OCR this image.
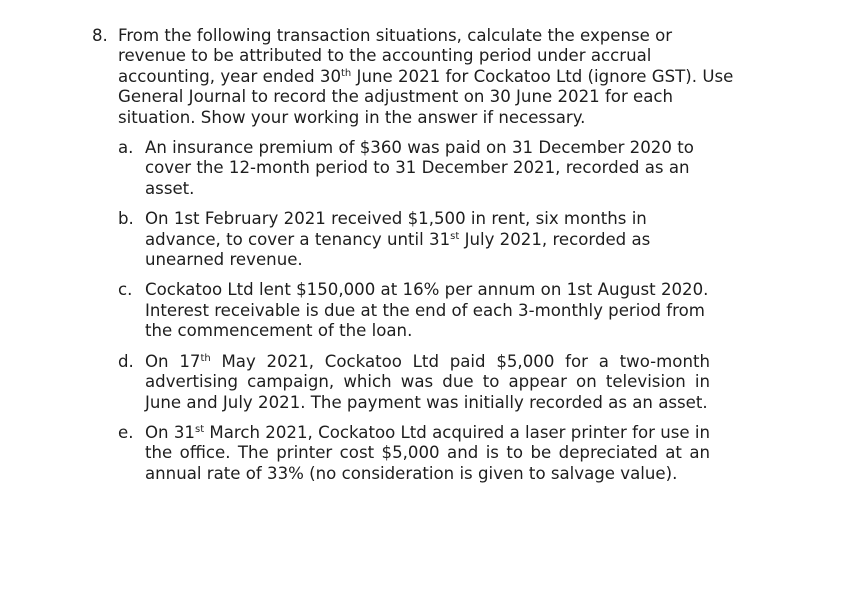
8. From the following transaction situations, calculate the expense or revenue to be attributed to the accounting period under accrual accounting, year ended 30th June 2021 for Cockatoo Ltd (ignore GST). Use General Journal to record the adjustment on 30 June 2021 for each situation. Show your working in the answer if necessary.
a. An insurance premium of $360 was paid on 31 December 2020 to cover the 12-month period to 31 December 2021, recorded as an asset.
b. On 1st February 2021 received $1,500 in rent, six months in advance, to cover a tenancy until 31st July 2021, recorded as unearned revenue.
c. Cockatoo Ltd lent $150,000 at 16% per annum on 1st August 2020. Interest receivable is due at the end of each 3-monthly period from the commencement of the loan.
d. On 17th May 2021, Cockatoo Ltd paid $5,000 for a two-month advertising campaign, which was due to appear on television in June and July 2021. The payment was initially recorded as an asset.
e. On 31st March 2021, Cockatoo Ltd acquired a laser printer for use in the office. The printer cost $5,000 and is to be depreciated at an annual rate of 33% (no consideration is given to salvage value).
